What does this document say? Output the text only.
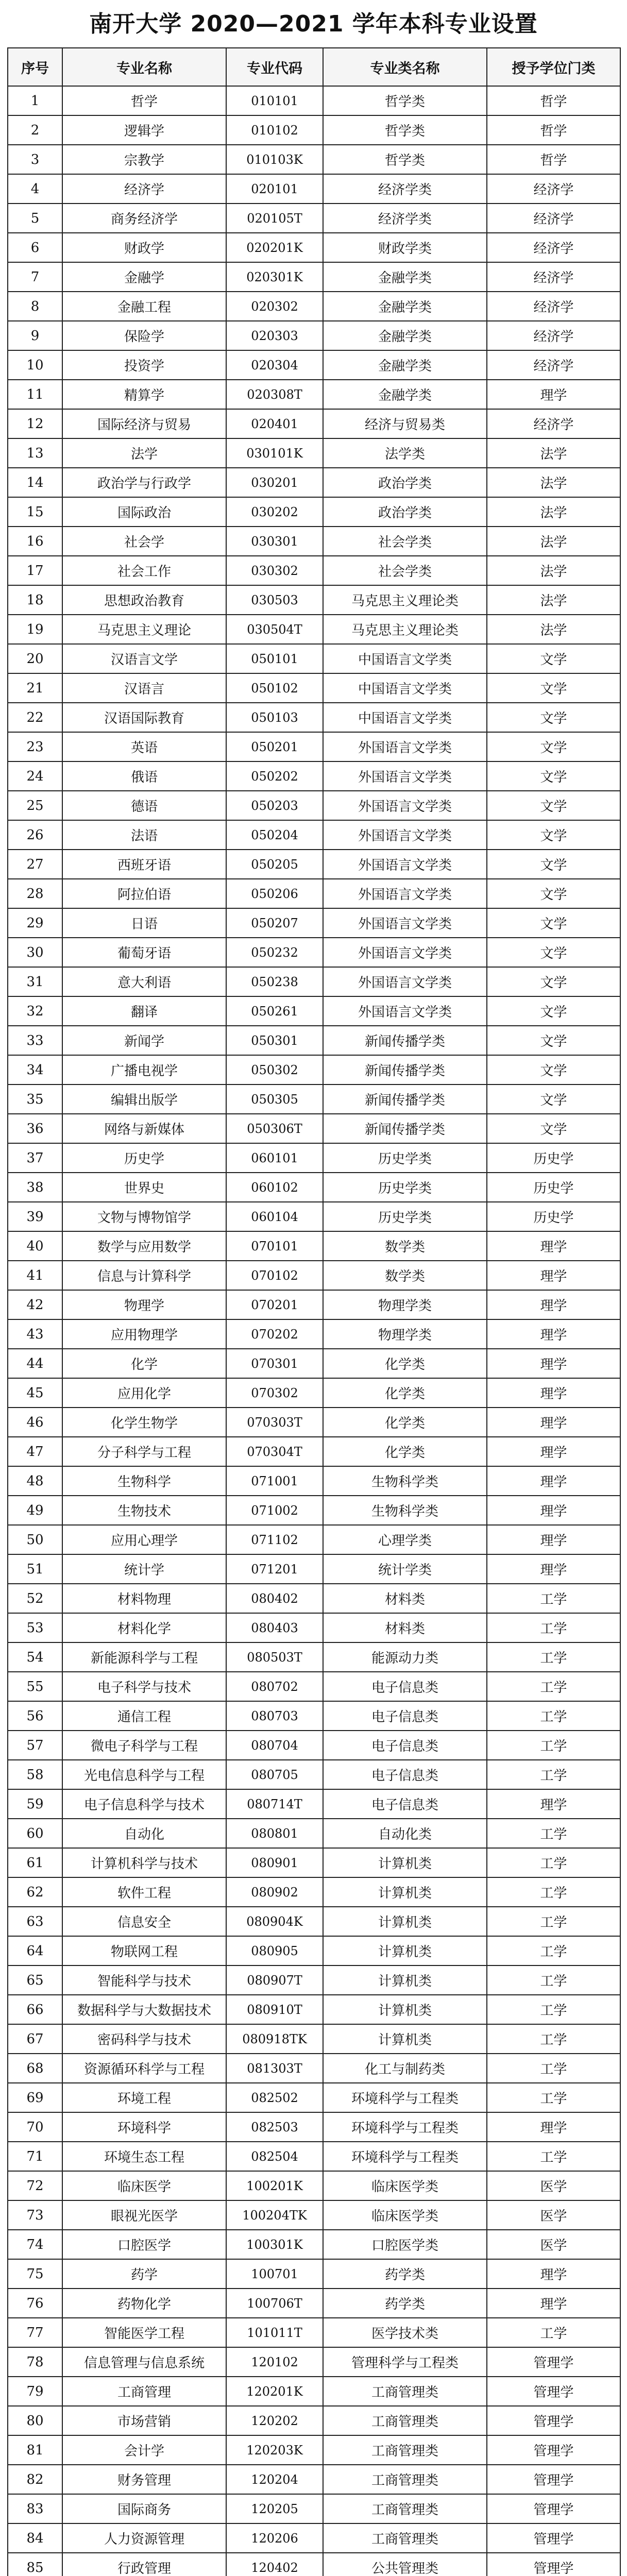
南开大学 2020—2021 学年本科专业设置
序号	专业名称	专业代码	专业类名称	授予学位门类
1	哲学	010101	哲学类	哲学
2	逻辑学	010102	哲学类	哲学
3	宗教学	010103K	哲学类	哲学
4	经济学	020101	经济学类	经济学
5	商务经济学	020105T	经济学类	经济学
6	财政学	020201K	财政学类	经济学
7	金融学	020301K	金融学类	经济学
8	金融工程	020302	金融学类	经济学
9	保险学	020303	金融学类	经济学
10	投资学	020304	金融学类	经济学
11	精算学	020308T	金融学类	理学
12	国际经济与贸易	020401	经济与贸易类	经济学
13	法学	030101K	法学类	法学
14	政治学与行政学	030201	政治学类	法学
15	国际政治	030202	政治学类	法学
16	社会学	030301	社会学类	法学
17	社会工作	030302	社会学类	法学
18	思想政治教育	030503	马克思主义理论类	法学
19	马克思主义理论	030504T	马克思主义理论类	法学
20	汉语言文学	050101	中国语言文学类	文学
21	汉语言	050102	中国语言文学类	文学
22	汉语国际教育	050103	中国语言文学类	文学
23	英语	050201	外国语言文学类	文学
24	俄语	050202	外国语言文学类	文学
25	德语	050203	外国语言文学类	文学
26	法语	050204	外国语言文学类	文学
27	西班牙语	050205	外国语言文学类	文学
28	阿拉伯语	050206	外国语言文学类	文学
29	日语	050207	外国语言文学类	文学
30	葡萄牙语	050232	外国语言文学类	文学
31	意大利语	050238	外国语言文学类	文学
32	翻译	050261	外国语言文学类	文学
33	新闻学	050301	新闻传播学类	文学
34	广播电视学	050302	新闻传播学类	文学
35	编辑出版学	050305	新闻传播学类	文学
36	网络与新媒体	050306T	新闻传播学类	文学
37	历史学	060101	历史学类	历史学
38	世界史	060102	历史学类	历史学
39	文物与博物馆学	060104	历史学类	历史学
40	数学与应用数学	070101	数学类	理学
41	信息与计算科学	070102	数学类	理学
42	物理学	070201	物理学类	理学
43	应用物理学	070202	物理学类	理学
44	化学	070301	化学类	理学
45	应用化学	070302	化学类	理学
46	化学生物学	070303T	化学类	理学
47	分子科学与工程	070304T	化学类	理学
48	生物科学	071001	生物科学类	理学
49	生物技术	071002	生物科学类	理学
50	应用心理学	071102	心理学类	理学
51	统计学	071201	统计学类	理学
52	材料物理	080402	材料类	工学
53	材料化学	080403	材料类	工学
54	新能源科学与工程	080503T	能源动力类	工学
55	电子科学与技术	080702	电子信息类	工学
56	通信工程	080703	电子信息类	工学
57	微电子科学与工程	080704	电子信息类	工学
58	光电信息科学与工程	080705	电子信息类	工学
59	电子信息科学与技术	080714T	电子信息类	理学
60	自动化	080801	自动化类	工学
61	计算机科学与技术	080901	计算机类	工学
62	软件工程	080902	计算机类	工学
63	信息安全	080904K	计算机类	工学
64	物联网工程	080905	计算机类	工学
65	智能科学与技术	080907T	计算机类	工学
66	数据科学与大数据技术	080910T	计算机类	工学
67	密码科学与技术	080918TK	计算机类	工学
68	资源循环科学与工程	081303T	化工与制药类	工学
69	环境工程	082502	环境科学与工程类	工学
70	环境科学	082503	环境科学与工程类	理学
71	环境生态工程	082504	环境科学与工程类	工学
72	临床医学	100201K	临床医学类	医学
73	眼视光医学	100204TK	临床医学类	医学
74	口腔医学	100301K	口腔医学类	医学
75	药学	100701	药学类	理学
76	药物化学	100706T	药学类	理学
77	智能医学工程	101011T	医学技术类	工学
78	信息管理与信息系统	120102	管理科学与工程类	管理学
79	工商管理	120201K	工商管理类	管理学
80	市场营销	120202	工商管理类	管理学
81	会计学	120203K	工商管理类	管理学
82	财务管理	120204	工商管理类	管理学
83	国际商务	120205	工商管理类	管理学
84	人力资源管理	120206	工商管理类	管理学
85	行政管理	120402	公共管理类	管理学
